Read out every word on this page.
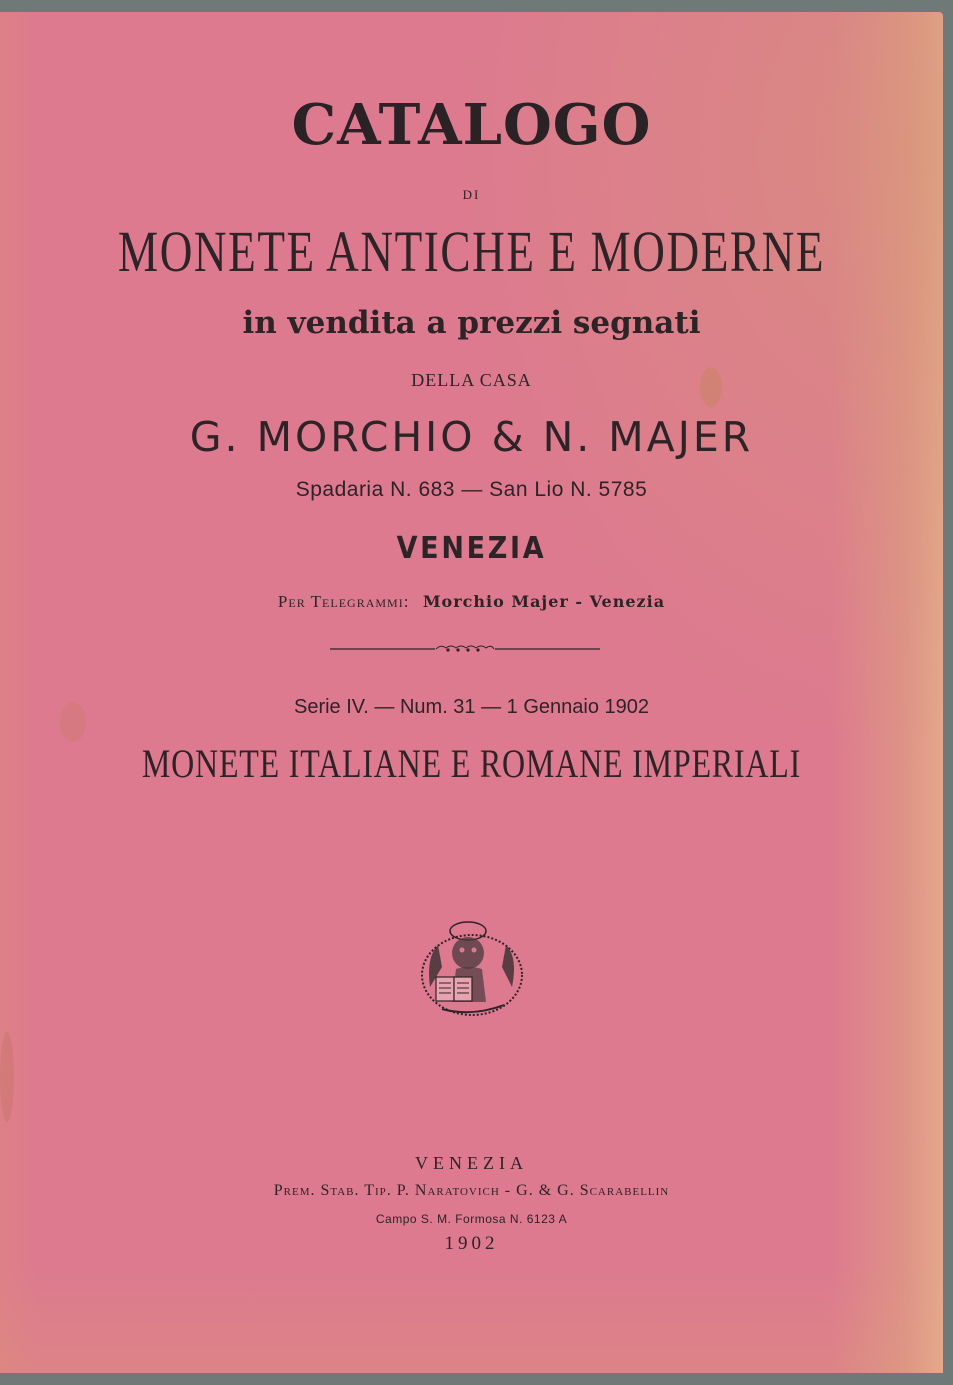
CATALOGO
DI
MONETE ANTICHE E MODERNE
in vendita a prezzi segnati
DELLA CASA
G. MORCHIO & N. MAJER
Spadaria N. 683 — San Lio N. 5785
VENEZIA
Per Telegrammi: Morchio Majer - Venezia
Serie IV. — Num. 31 — 1 Gennaio 1902
MONETE ITALIANE E ROMANE IMPERIALI
VENEZIA
Prem. Stab. Tip. P. Naratovich - G. & G. Scarabellin
Campo S. M. Formosa N. 6123 A
1902
